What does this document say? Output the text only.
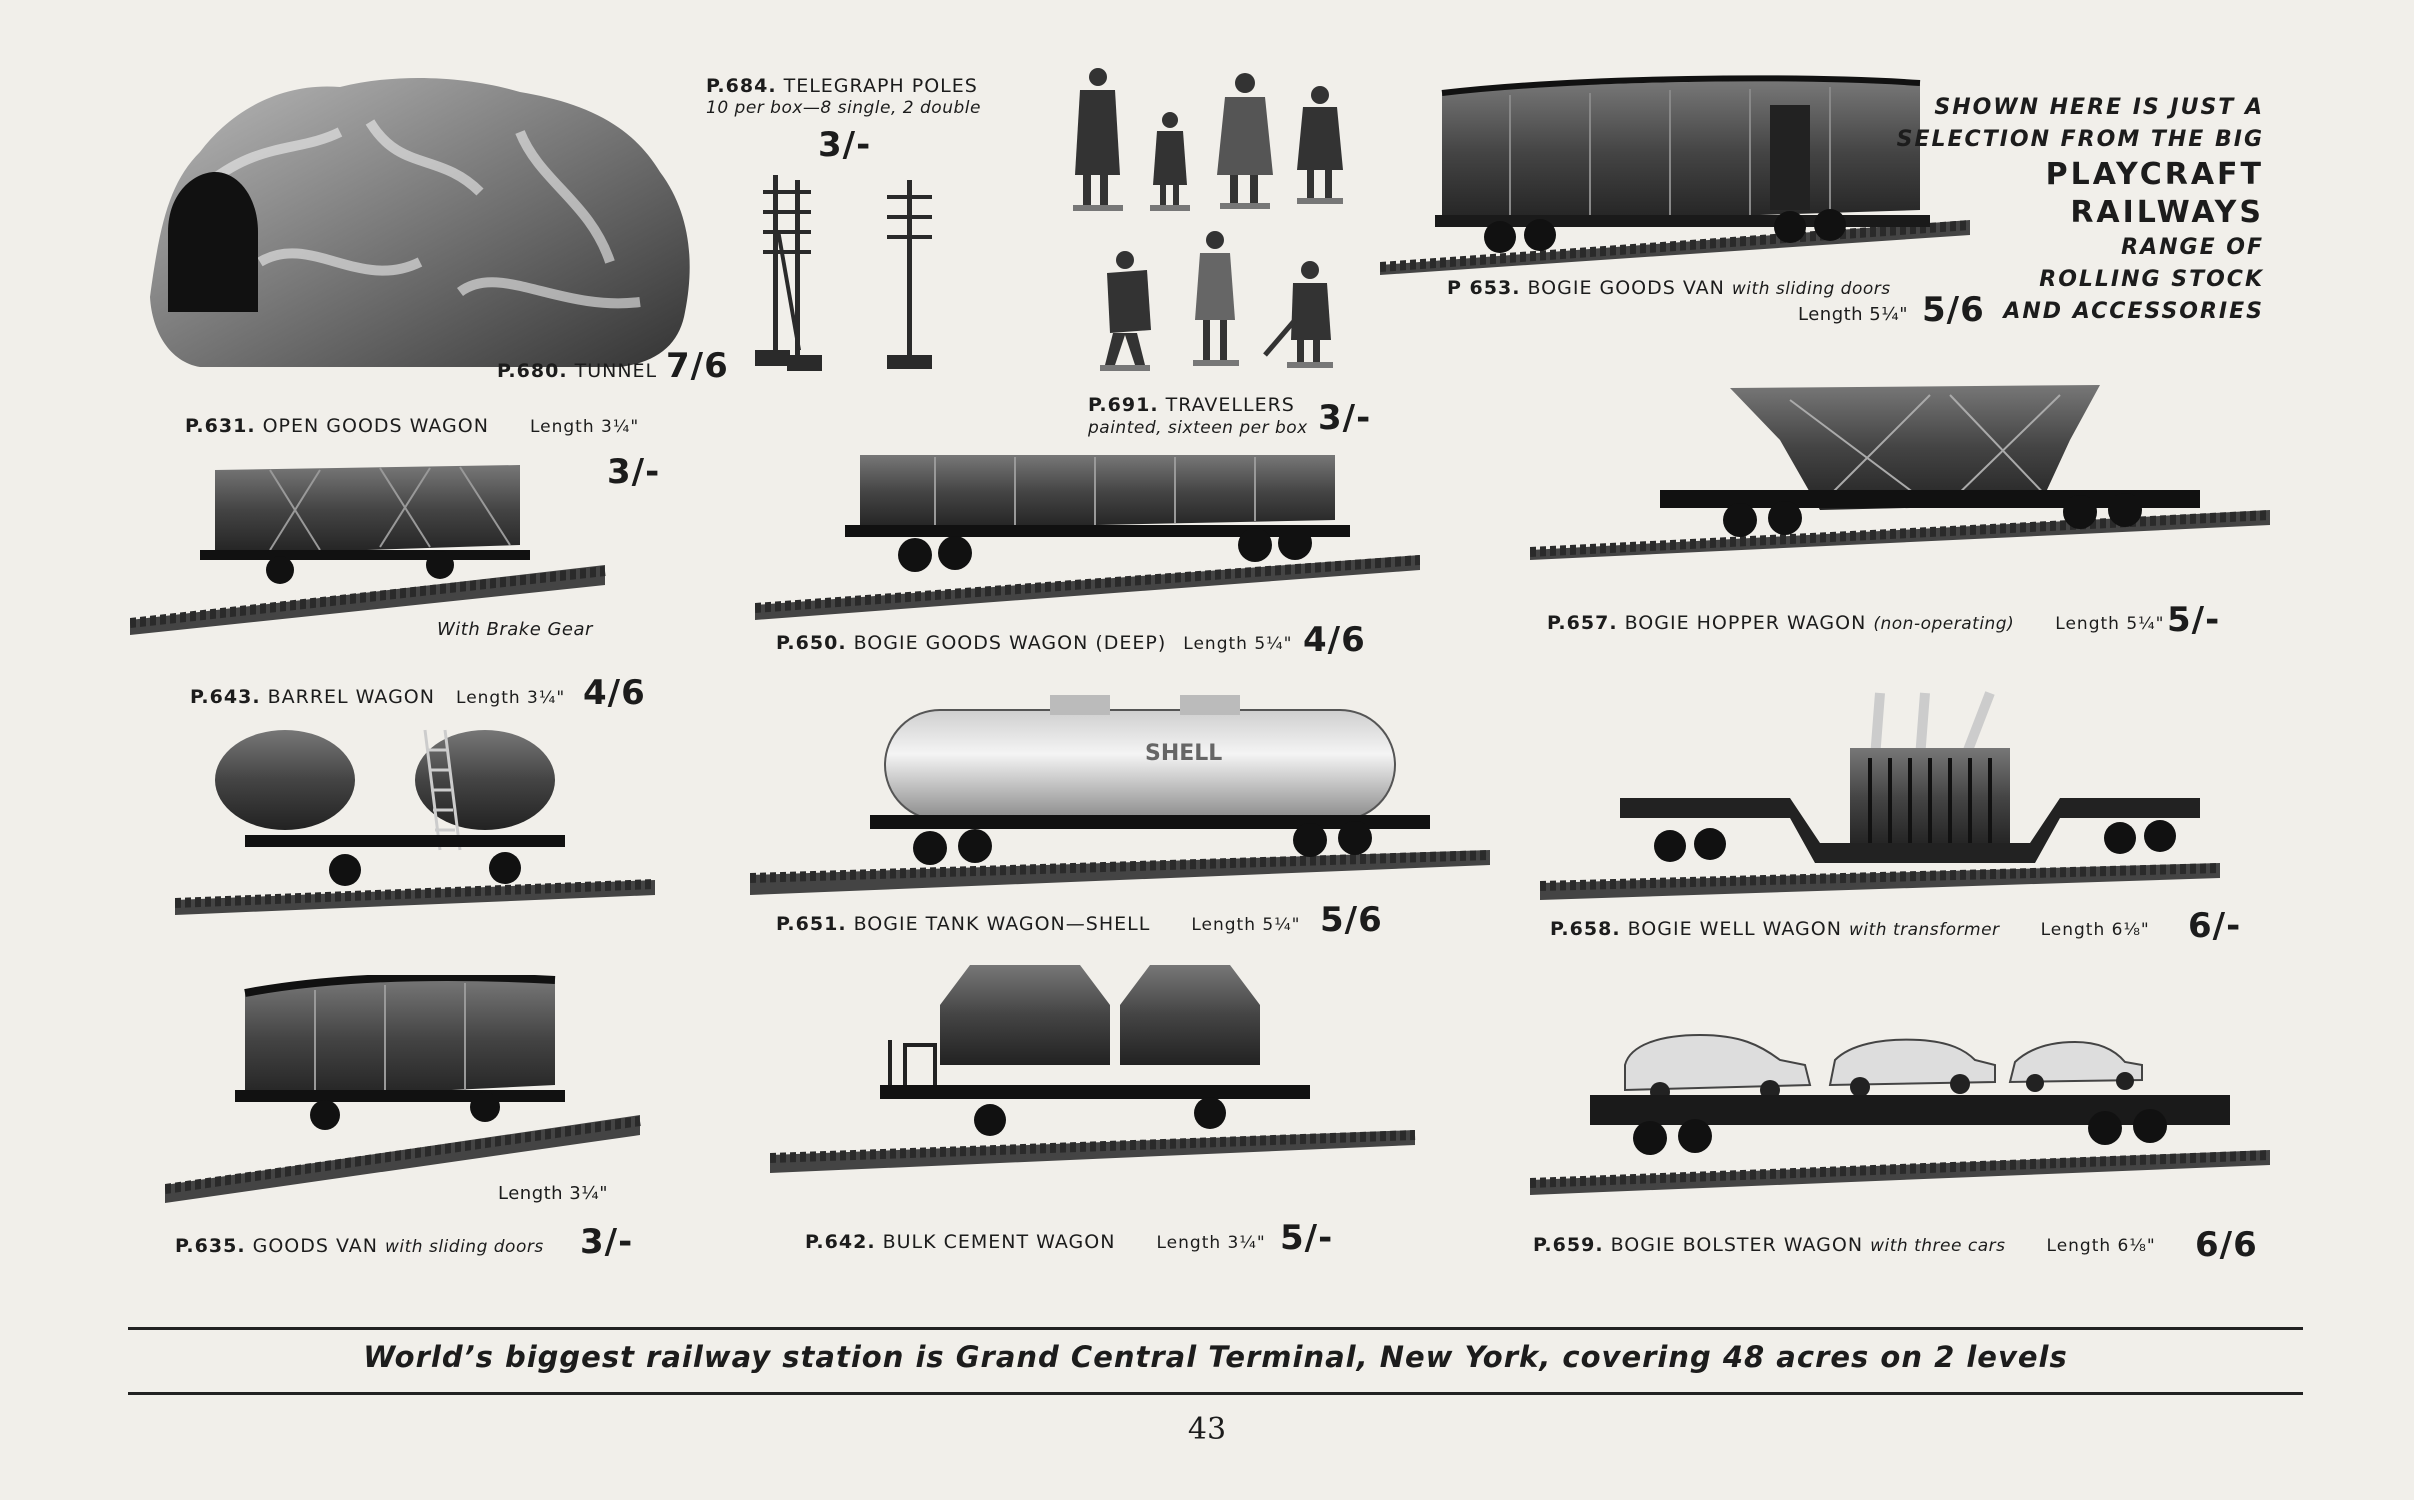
SHELL
P.680. TUNNEL 7/6
P.684. TELEGRAPH POLES
10 per box—8 single, 2 double
3/-
P.691. TRAVELLERS
painted, sixteen per box 3/-
P 653. BOGIE GOODS VAN with sliding doors
Length 5¼" 5/6
SHOWN HERE IS JUST A
SELECTION FROM THE BIG
PLAYCRAFT
RAILWAYS
RANGE OF
ROLLING STOCK
AND ACCESSORIES
P.631. OPEN GOODS WAGON Length 3¼"
3/-
With Brake Gear
P.650. BOGIE GOODS WAGON (DEEP) Length 5¼" 4/6	P.657. BOGIE HOPPER WAGON (non-operating) Length 5¼" 5/-
P.643. BARREL WAGON Length 3¼" 4/6
P.651. BOGIE TANK WAGON—SHELL Length 5¼" 5/6	P.658. BOGIE WELL WAGON with transformer Length 6⅛" 6/-
Length 3¼"
P.635. GOODS VAN with sliding doors 3/-	P.642. BULK CEMENT WAGON Length 3¼" 5/-	P.659. BOGIE BOLSTER WAGON with three cars Length 6⅛" 6/6
World’s biggest railway station is Grand Central Terminal, New York, covering 48 acres on 2 levels
43
